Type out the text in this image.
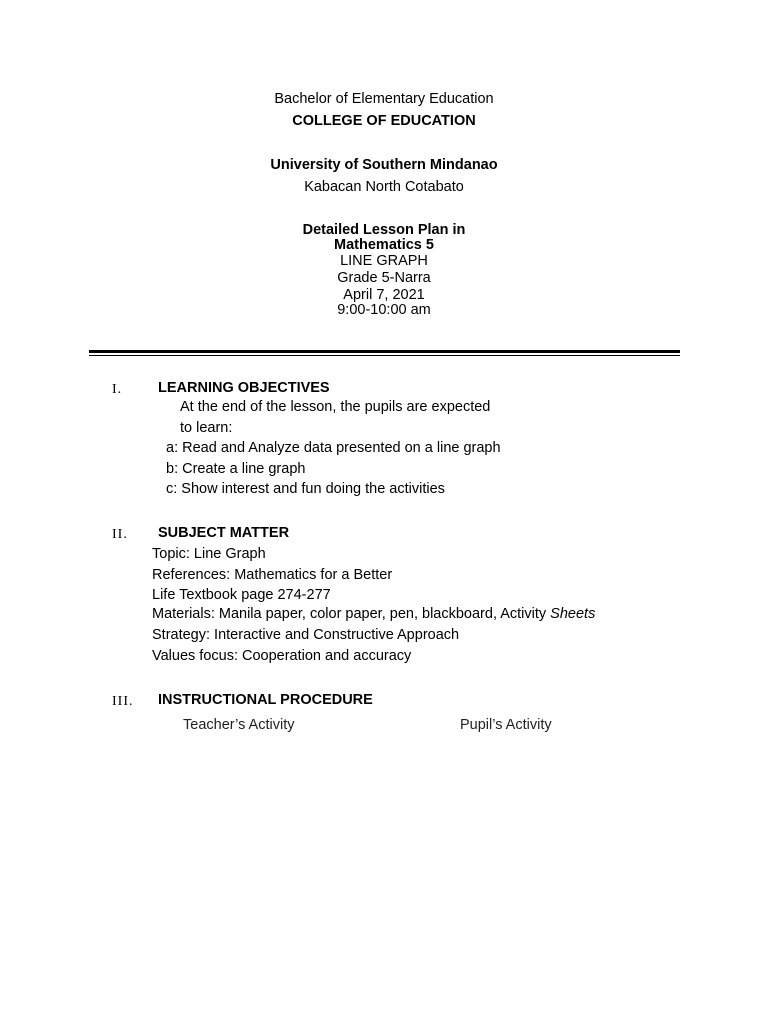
Bachelor of Elementary Education
COLLEGE OF EDUCATION
University of Southern Mindanao
Kabacan North Cotabato
Detailed Lesson Plan in
Mathematics 5
LINE GRAPH
Grade 5-Narra
April 7, 2021
9:00-10:00 am
I. LEARNING OBJECTIVES
At the end of the lesson, the pupils are expected
to learn:
a: Read and Analyze data presented on a line graph
b: Create a line graph
c: Show interest and fun doing the activities
II. SUBJECT MATTER
Topic: Line Graph
References: Mathematics for a Better
Life Textbook page 274-277
Materials: Manila paper, color paper, pen, blackboard, Activity Sheets
Strategy: Interactive and Constructive Approach
Values focus: Cooperation and accuracy
III. INSTRUCTIONAL PROCEDURE
Teacher’s Activity	Pupil’s Activity
